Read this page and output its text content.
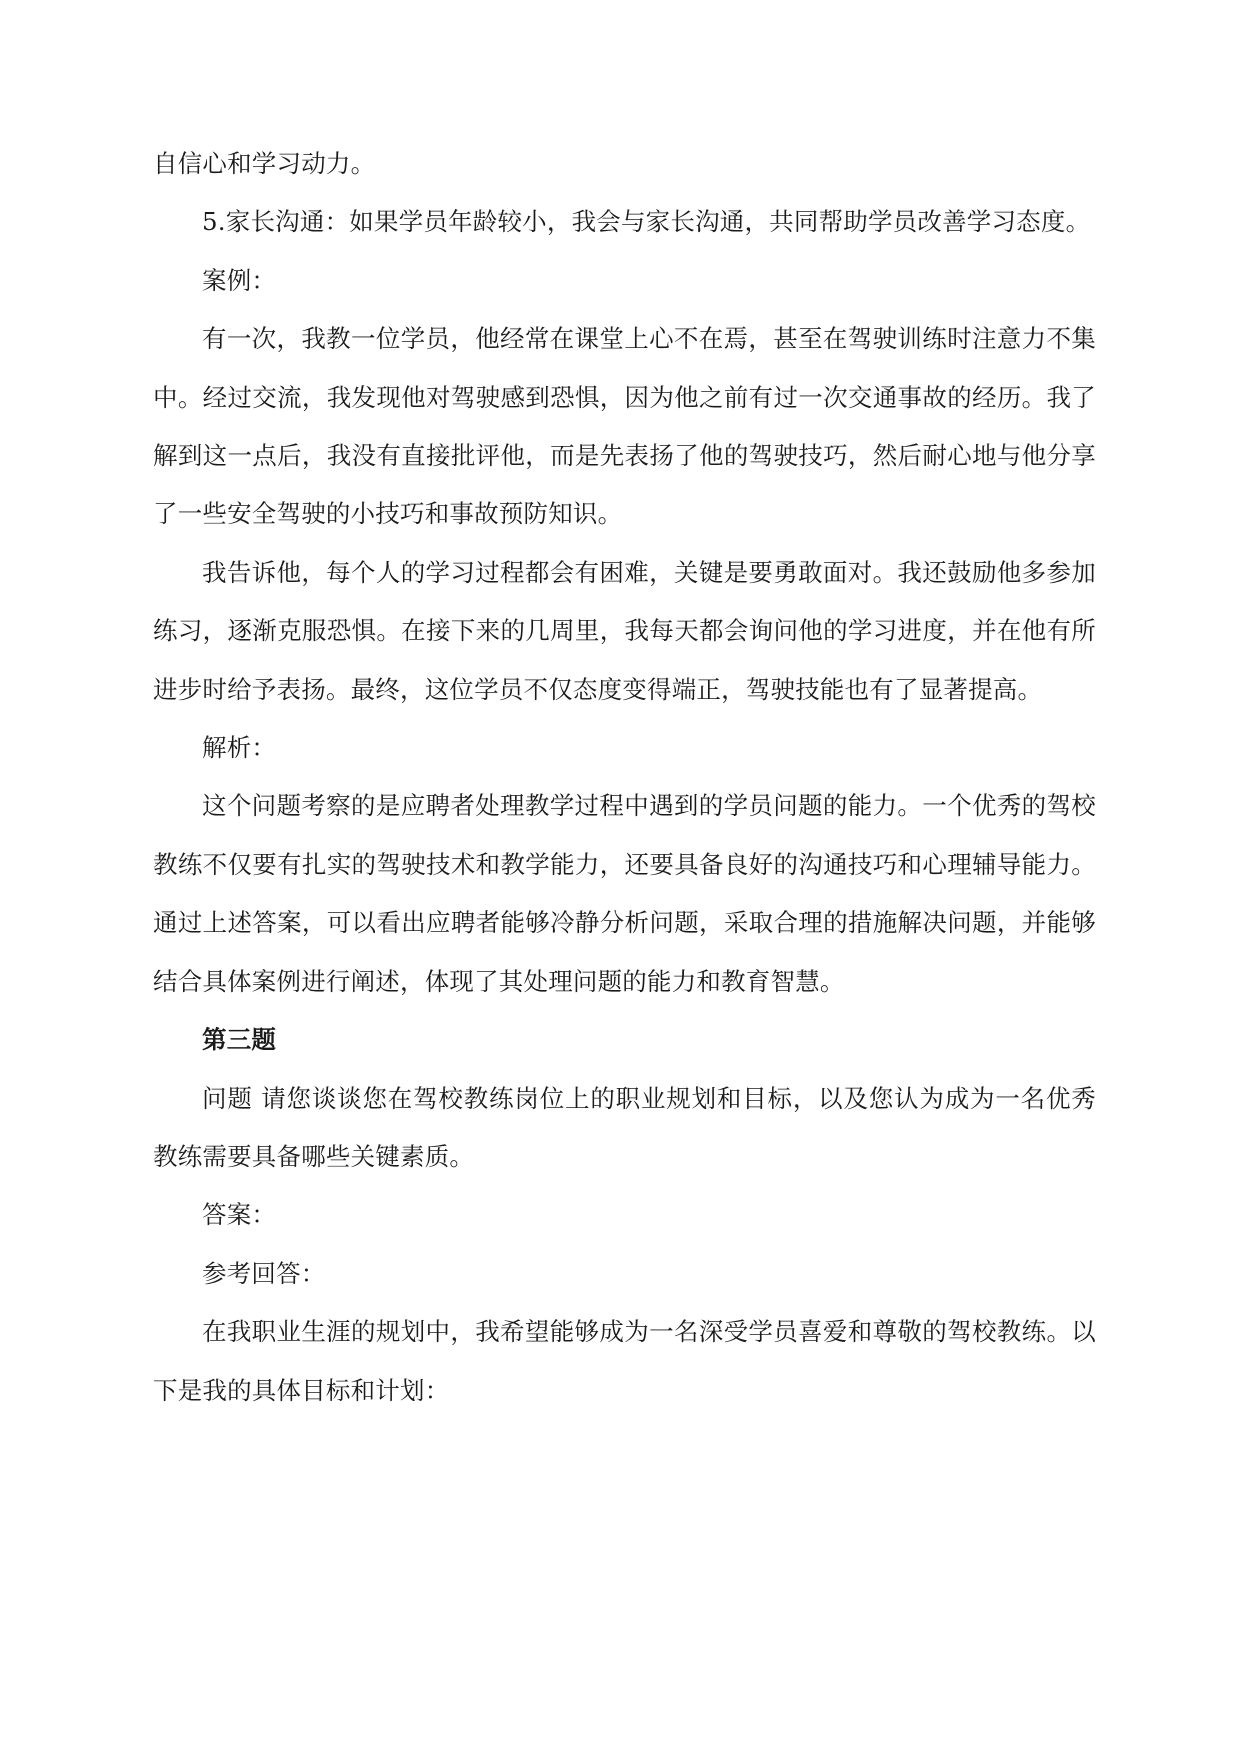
自信心和学习动力。

5.家长沟通：如果学员年龄较小，我会与家长沟通，共同帮助学员改善学习态度。

案例：

有一次，我教一位学员，他经常在课堂上心不在焉，甚至在驾驶训练时注意力不集中。经过交流，我发现他对驾驶感到恐惧，因为他之前有过一次交通事故的经历。我了解到这一点后，我没有直接批评他，而是先表扬了他的驾驶技巧，然后耐心地与他分享了一些安全驾驶的小技巧和事故预防知识。

我告诉他，每个人的学习过程都会有困难，关键是要勇敢面对。我还鼓励他多参加练习，逐渐克服恐惧。在接下来的几周里，我每天都会询问他的学习进度，并在他有所进步时给予表扬。最终，这位学员不仅态度变得端正，驾驶技能也有了显著提高。

解析：

这个问题考察的是应聘者处理教学过程中遇到的学员问题的能力。一个优秀的驾校教练不仅要有扎实的驾驶技术和教学能力，还要具备良好的沟通技巧和心理辅导能力。通过上述答案，可以看出应聘者能够冷静分析问题，采取合理的措施解决问题，并能够结合具体案例进行阐述，体现了其处理问题的能力和教育智慧。

第三题

问题 请您谈谈您在驾校教练岗位上的职业规划和目标，以及您认为成为一名优秀教练需要具备哪些关键素质。

答案：

参考回答：

在我职业生涯的规划中，我希望能够成为一名深受学员喜爱和尊敬的驾校教练。以下是我的具体目标和计划：
